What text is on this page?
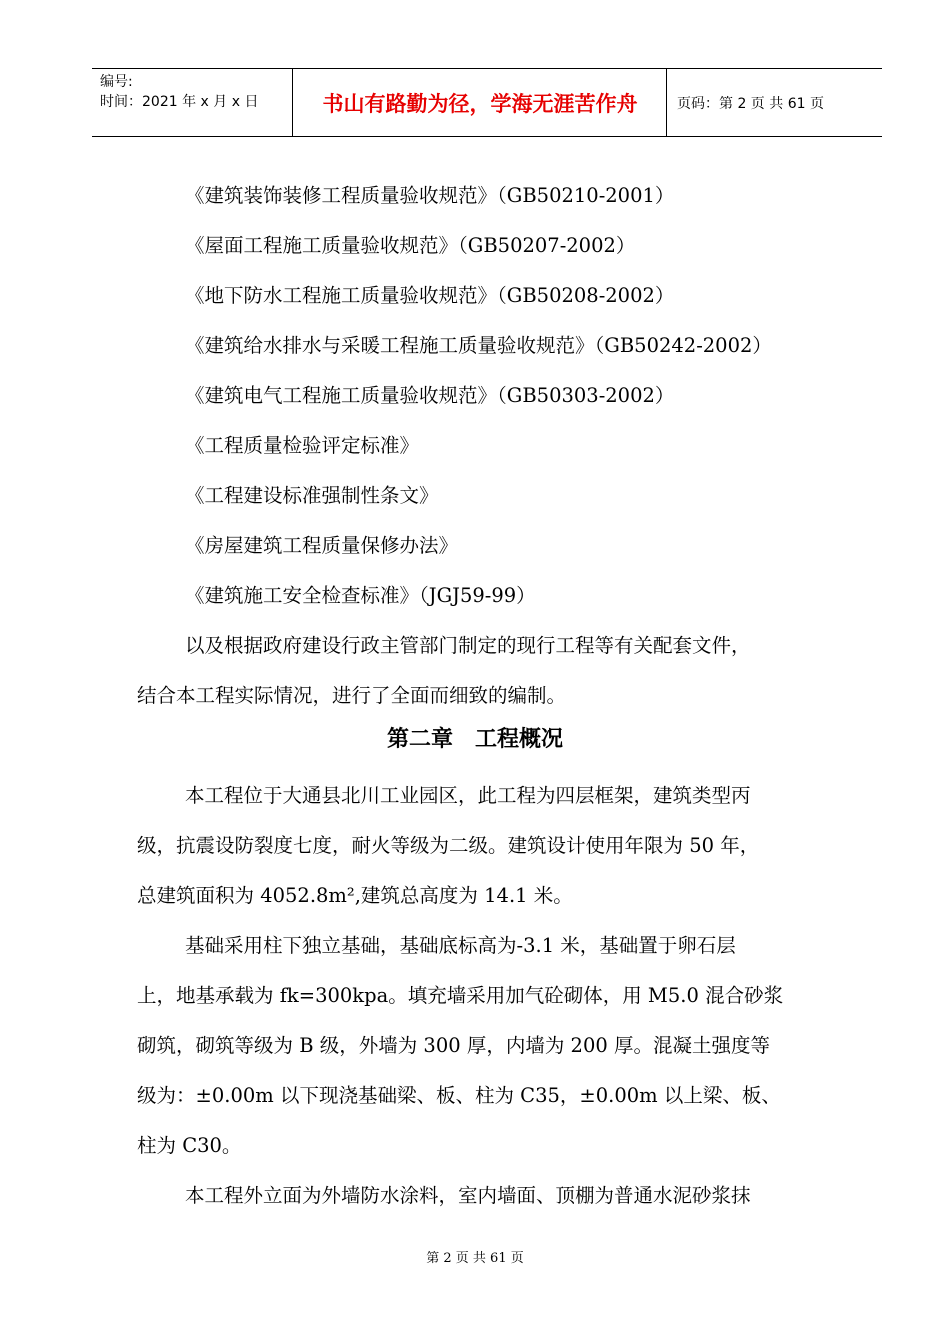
编号:
时间：2021 年 x 月 x 日	书山有路勤为径，学海无涯苦作舟	页码：第 2 页 共 61 页
《建筑装饰装修工程质量验收规范》（GB50210-2001）
《屋面工程施工质量验收规范》（GB50207-2002）
《地下防水工程施工质量验收规范》（GB50208-2002）
《建筑给水排水与采暖工程施工质量验收规范》（GB50242-2002）
《建筑电气工程施工质量验收规范》（GB50303-2002）
《工程质量检验评定标准》
《工程建设标准强制性条文》
《房屋建筑工程质量保修办法》
《建筑施工安全检查标准》（JGJ59-99）
以及根据政府建设行政主管部门制定的现行工程等有关配套文件，
结合本工程实际情况，进行了全面而细致的编制。
第二章　工程概况
本工程位于大通县北川工业园区，此工程为四层框架，建筑类型丙
级，抗震设防裂度七度，耐火等级为二级。建筑设计使用年限为 50 年，
总建筑面积为 4052.8m²,建筑总高度为 14.1 米。
基础采用柱下独立基础，基础底标高为-3.1 米，基础置于卵石层
上，地基承载为 fk=300kpa。填充墙采用加气砼砌体，用 M5.0 混合砂浆
砌筑，砌筑等级为 B 级，外墙为 300 厚，内墙为 200 厚。混凝土强度等
级为：±0.00m 以下现浇基础梁、板、柱为 C35，±0.00m 以上梁、板、
柱为 C30。
本工程外立面为外墙防水涂料，室内墙面、顶棚为普通水泥砂浆抹
第 2 页 共 61 页
